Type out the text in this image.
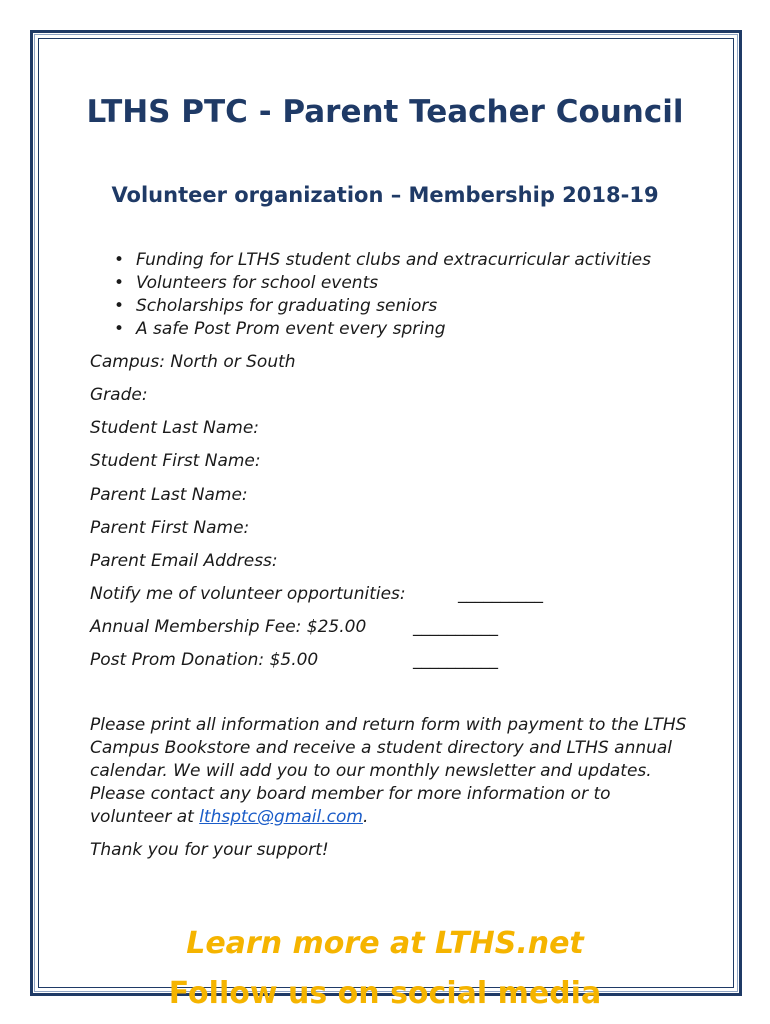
LTHS PTC - Parent Teacher Council
Volunteer organization – Membership 2018-19
• Funding for LTHS student clubs and extracurricular activities
• Volunteers for school events
• Scholarships for graduating seniors
• A safe Post Prom event every spring
Campus: North or South
Grade:
Student Last Name:
Student First Name:
Parent Last Name:
Parent First Name:
Parent Email Address:
Notify me of volunteer opportunities:	__________
Annual Membership Fee: $25.00	__________
Post Prom Donation: $5.00	__________
Please print all information and return form with payment to the LTHS Campus Bookstore and receive a student directory and LTHS annual calendar. We will add you to our monthly newsletter and updates. Please contact any board member for more information or to volunteer at lthsptc@gmail.com.
Thank you for your support!
Learn more at LTHS.net
Follow us on social media
